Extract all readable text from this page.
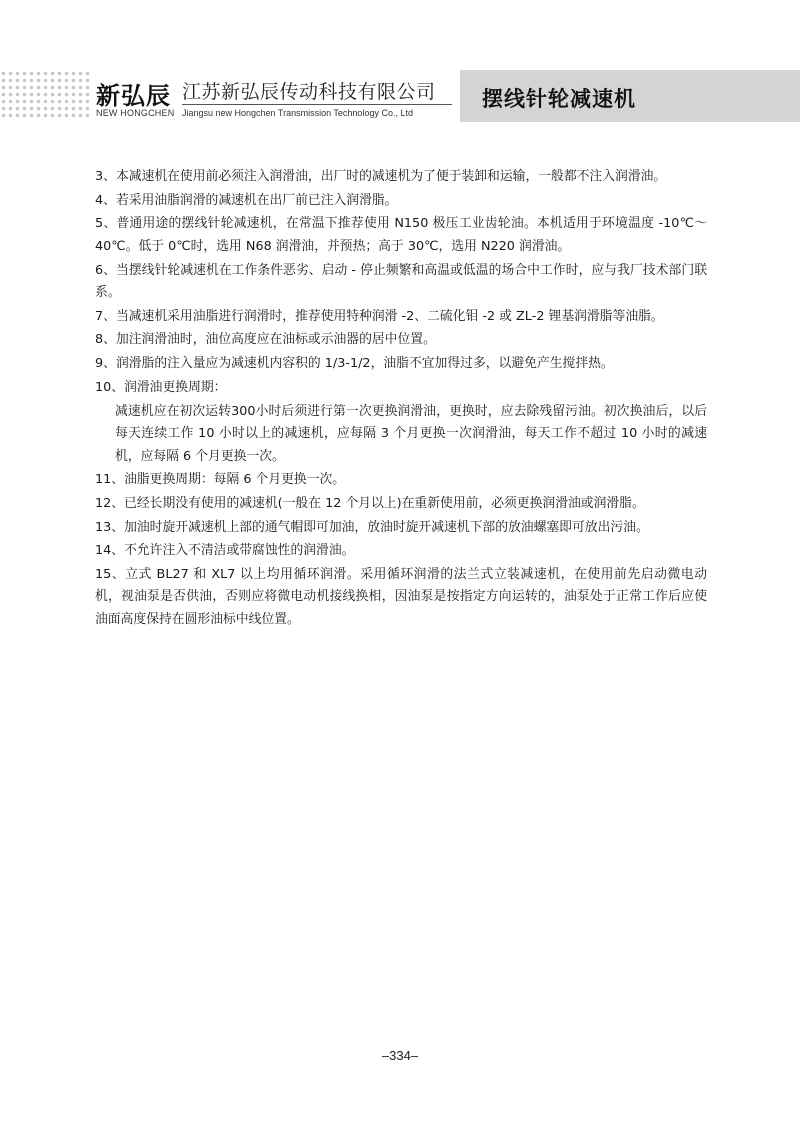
新弘辰
NEW HONGCHEN
江苏新弘辰传动科技有限公司
Jiangsu new Hongchen Transmission Technology Co., Ltd
摆线针轮减速机

3、本减速机在使用前必须注入润滑油，出厂时的减速机为了便于装卸和运输，一般都不注入润滑油。

4、若采用油脂润滑的减速机在出厂前已注入润滑脂。

5、普通用途的摆线针轮减速机，在常温下推荐使用 N150 极压工业齿轮油。本机适用于环境温度 -10℃～40℃。低于 0℃时，选用 N68 润滑油，并预热；高于 30℃，选用 N220 润滑油。

6、当摆线针轮减速机在工作条件恶劣、启动 - 停止频繁和高温或低温的场合中工作时，应与我厂技术部门联系。

7、当减速机采用油脂进行润滑时，推荐使用特种润滑 -2、二硫化钼 -2 或 ZL-2 锂基润滑脂等油脂。

8、加注润滑油时，油位高度应在油标或示油器的居中位置。

9、润滑脂的注入量应为减速机内容积的 1/3-1/2，油脂不宜加得过多，以避免产生搅拌热。

10、润滑油更换周期：

减速机应在初次运转300小时后须进行第一次更换润滑油，更换时，应去除残留污油。初次换油后，以后每天连续工作 10 小时以上的减速机，应每隔 3 个月更换一次润滑油，每天工作不超过 10 小时的减速机，应每隔 6 个月更换一次。

11、油脂更换周期：每隔 6 个月更换一次。

12、已经长期没有使用的减速机(一般在 12 个月以上)在重新使用前，必须更换润滑油或润滑脂。

13、加油时旋开减速机上部的通气帽即可加油，放油时旋开减速机下部的放油螺塞即可放出污油。

14、不允许注入不清洁或带腐蚀性的润滑油。

15、立式 BL27 和 XL7 以上均用循环润滑。采用循环润滑的法兰式立装减速机，在使用前先启动微电动机，视油泵是否供油，否则应将微电动机接线换相，因油泵是按指定方向运转的，油泵处于正常工作后应使油面高度保持在圆形油标中线位置。

–334–
